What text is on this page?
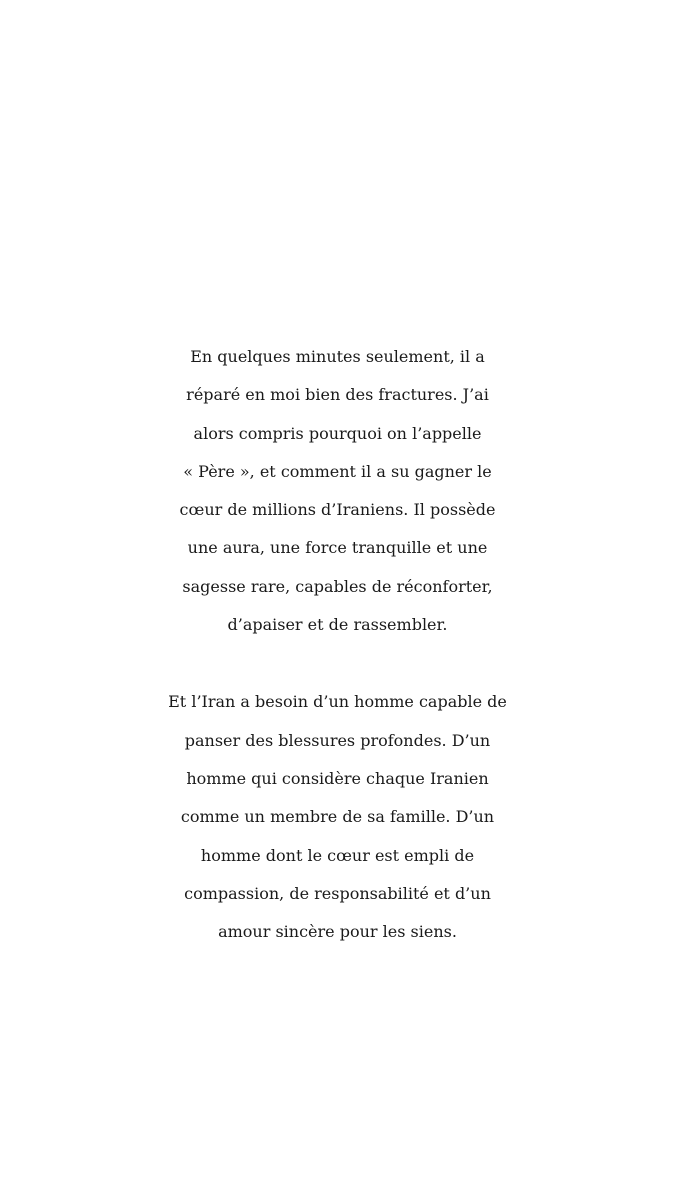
En quelques minutes seulement, il a
réparé en moi bien des fractures. J’ai
alors compris pourquoi on l’appelle
« Père », et comment il a su gagner le
cœur de millions d’Iraniens. Il possède
une aura, une force tranquille et une
sagesse rare, capables de réconforter,
d’apaiser et de rassembler.

Et l’Iran a besoin d’un homme capable de
panser des blessures profondes. D’un
homme qui considère chaque Iranien
comme un membre de sa famille. D’un
homme dont le cœur est empli de
compassion, de responsabilité et d’un
amour sincère pour les siens.
